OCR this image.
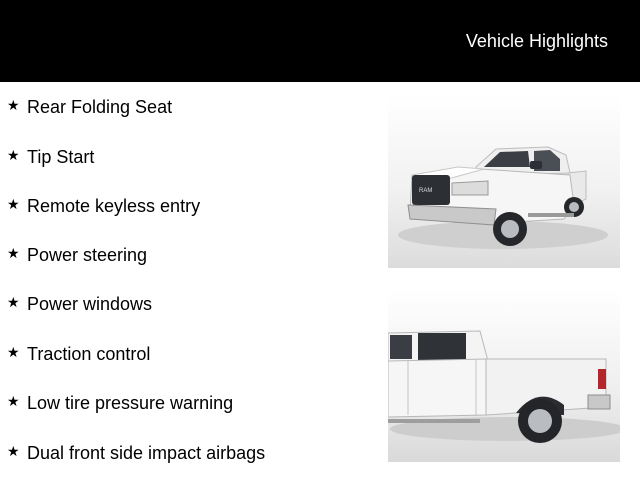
Vehicle Highlights
★ Rear Folding Seat
★ Tip Start
★ Remote keyless entry
★ Power steering
★ Power windows
★ Traction control
★ Low tire pressure warning
★ Dual front side impact airbags
RAM
